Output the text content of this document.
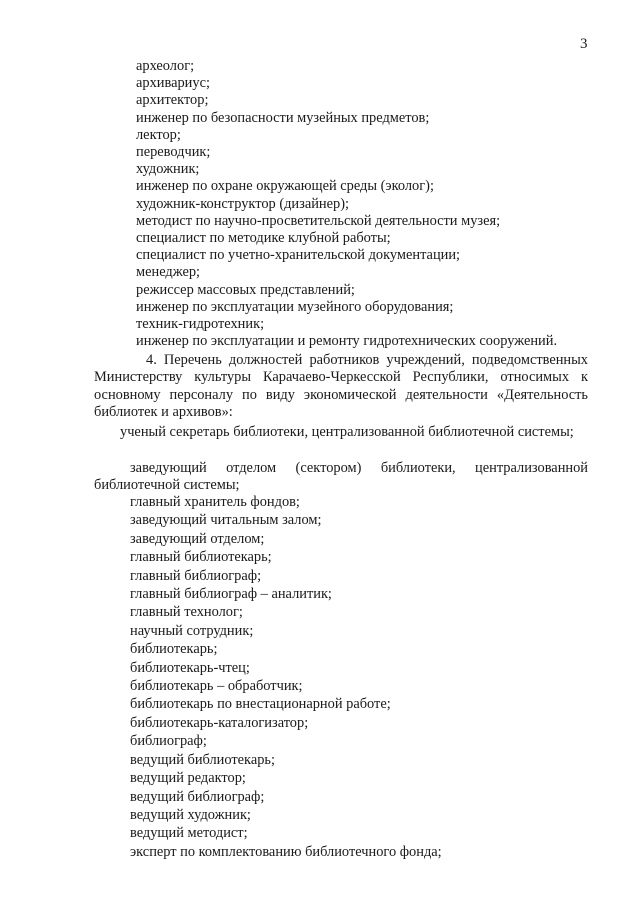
3
археолог;
архивариус;
архитектор;
инженер по безопасности музейных предметов;
лектор;
переводчик;
художник;
инженер по охране окружающей среды (эколог);
художник-конструктор (дизайнер);
методист по научно-просветительской деятельности музея;
специалист по методике клубной работы;
специалист по учетно-хранительской документации;
менеджер;
режиссер массовых представлений;
инженер по эксплуатации музейного оборудования;
техник-гидротехник;
инженер по эксплуатации и ремонту гидротехнических сооружений.
4. Перечень должностей работников учреждений, подведомственных Министерству культуры Карачаево-Черкесской Республики, относимых к основному персоналу по виду экономической деятельности «Деятельность библиотек и архивов»:
ученый секретарь библиотеки, централизованной библиотечной системы;
заведующий отделом (сектором) библиотеки, централизованной библиотечной системы;
главный хранитель фондов;
заведующий читальным залом;
заведующий отделом;
главный библиотекарь;
главный библиограф;
главный библиограф – аналитик;
главный технолог;
научный сотрудник;
библиотекарь;
библиотекарь-чтец;
библиотекарь – обработчик;
библиотекарь по внестационарной работе;
библиотекарь-каталогизатор;
библиограф;
ведущий библиотекарь;
ведущий редактор;
ведущий библиограф;
ведущий художник;
ведущий методист;
эксперт по комплектованию библиотечного фонда;
